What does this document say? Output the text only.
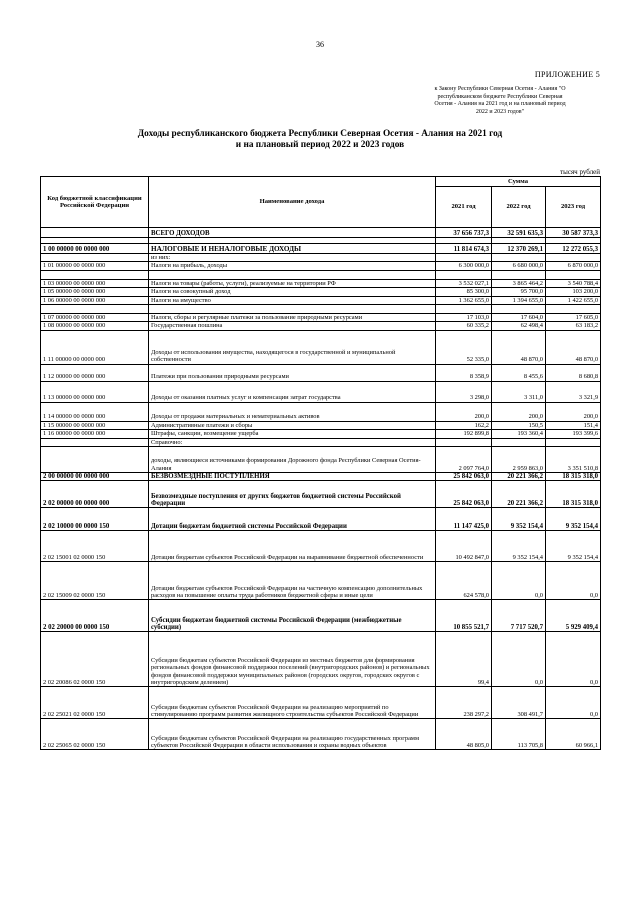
36
ПРИЛОЖЕНИЕ 5
к Закону Республики Северная Осетия - Алания "О
республиканском бюджете Республики Северная
Осетия - Алания на 2021 год и на плановый период
2022 и 2023 годов"
Доходы республиканского бюджета Республики Северная Осетия - Алания на 2021 год
и на плановый период 2022 и 2023 годов
тысяч рублей
Код бюджетной классификации Российской Федерации	Наименование дохода	Сумма		
		2021 год	2022 год	2023 год
	ВСЕГО ДОХОДОВ	37 656 737,3	32 591 635,3	30 587 373,3

1 00 00000 00 0000 000	НАЛОГОВЫЕ И НЕНАЛОГОВЫЕ ДОХОДЫ	11 814 674,3	12 370 269,1	12 272 055,3
	из них:			
1 01 00000 00 0000 000	Налоги на прибыль, доходы	6 300 000,0	6 680 000,0	6 870 000,0

1 03 00000 00 0000 000	Налоги на товары (работы, услуги), реализуемые на территории РФ	3 532 027,1	3 865 464,2	3 540 788,4
1 05 00000 00 0000 000	Налоги на совокупный доход	85 300,0	95 700,0	103 200,0
1 06 00000 00 0000 000	Налоги на имущество	1 362 655,0	1 394 655,0	1 422 655,0

1 07 00000 00 0000 000	Налоги, сборы и регулярные платежи за пользование природными ресурсами	17 103,0	17 604,0	17 605,0
1 08 00000 00 0000 000	Государственная пошлина	60 335,2	62 498,4	63 183,2
1 11 00000 00 0000 000	Доходы от использования имущества, находящегося в государственной и муниципальной собственности	52 335,0	48 870,0	48 870,0
1 12 00000 00 0000 000	Платежи при пользовании природными ресурсами	8 358,9	8 455,6	8 680,8
1 13 00000 00 0000 000	Доходы от оказания платных услуг и компенсации затрат государства	3 298,0	3 311,0	3 321,9
1 14 00000 00 0000 000	Доходы от продажи материальных и нематериальных активов	200,0	200,0	200,0
1 15 00000 00 0000 000	Административные платежи и сборы	162,2	150,5	151,4
1 16 00000 00 0000 000	Штрафы, санкции, возмещение ущерба	192 899,8	193 360,4	193 399,6
	Справочно:			
	доходы, являющиеся источниками формирования Дорожного фонда Республики Северная Осетия-Алания	2 097 764,0	2 959 863,0	3 351 510,8
2 00 00000 00 0000 000	БЕЗВОЗМЕЗДНЫЕ ПОСТУПЛЕНИЯ	25 842 063,0	20 221 366,2	18 315 318,0
2 02 00000 00 0000 000	Безвозмездные поступления от других бюджетов бюджетной системы Российской Федерации	25 842 063,0	20 221 366,2	18 315 318,0
2 02 10000 00 0000 150	Дотации бюджетам бюджетной системы Российской Федерации	11 147 425,0	9 352 154,4	9 352 154,4
2 02 15001 02 0000 150	Дотации бюджетам субъектов Российской Федерации на выравнивание бюджетной обеспеченности	10 492 847,0	9 352 154,4	9 352 154,4
2 02 15009 02 0000 150	Дотации бюджетам субъектов Российской Федерации на частичную компенсацию дополнительных расходов на повышение оплаты труда работников бюджетной сферы и иные цели	624 578,0	0,0	0,0
2 02 20000 00 0000 150	Субсидии бюджетам бюджетной системы Российской Федерации (межбюджетные субсидии)	10 855 521,7	7 717 520,7	5 929 409,4
2 02 20086 02 0000 150	Субсидии бюджетам субъектов Российской Федерации из местных бюджетов для формирования региональных фондов финансовой поддержки поселений (внутригородских районов) и региональных фондов финансовой поддержки муниципальных районов (городских округов, городских округов с внутригородским делением)	99,4	0,0	0,0
2 02 25021 02 0000 150	Субсидии бюджетам субъектов Российской Федерации на реализацию мероприятий по стимулированию программ развития жилищного строительства субъектов Российской Федерации	238 297,2	308 491,7	0,0
2 02 25065 02 0000 150	Субсидии бюджетам субъектов Российской Федерации на реализацию государственных программ субъектов Российской Федерации в области использования и охраны водных объектов	48 805,0	113 705,8	60 966,1
